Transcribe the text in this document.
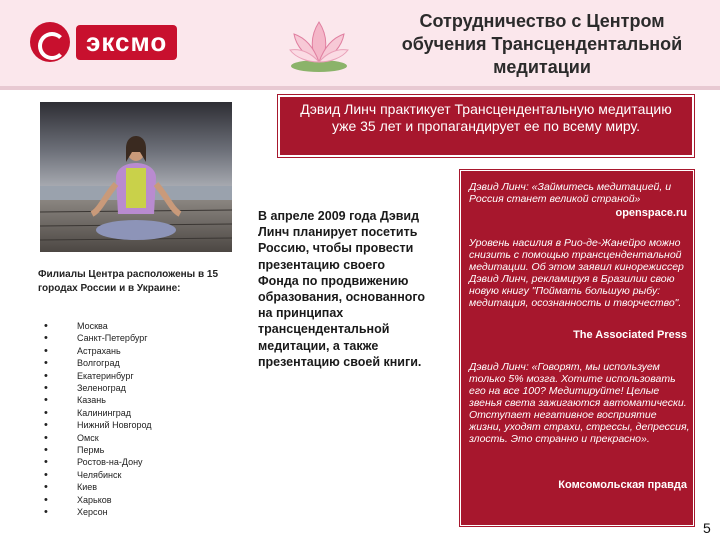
эксмо
Сотрудничество с Центром
обучения Трансцендентальной
медитации
Дэвид Линч практикует Трансцендентальную медитацию уже 35 лет и пропагандирует ее по всему миру.
Филиалы Центра расположены в 15 городах России и в Украине:
• Москва
• Санкт-Петербург
• Астрахань
• Волгоград
• Екатеринбург
• Зеленоград
• Казань
• Калининград
• Нижний Новгород
• Омск
• Пермь
• Ростов-на-Дону
• Челябинск
• Киев
• Харьков
• Херсон
В апреле 2009 года Дэвид Линч планирует посетить Россию, чтобы провести презентацию своего Фонда по продвижению образования, основанного на принципах трансцендентальной медитации, а также презентацию своей книги.
Дэвид Линч: «Займитесь медитацией, и Россия станет великой страной»
openspace.ru
Уровень насилия в Рио-де-Жанейро можно снизить с помощью трансцендентальной медитации. Об этом заявил кинорежиссер Дэвид Линч, рекламируя в Бразилии свою новую книгу "Поймать большую рыбу: медитация, осознанность и творчество".
The Associated Press
Дэвид Линч: «Говорят, мы используем только 5% мозга. Хотите использовать его на все 100? Медитируйте! Целые звенья света зажигаются автоматически. Отступает негативное восприятие жизни, уходят страхи, стрессы, депрессия, злость. Это странно и прекрасно».
Комсомольская правда
5
